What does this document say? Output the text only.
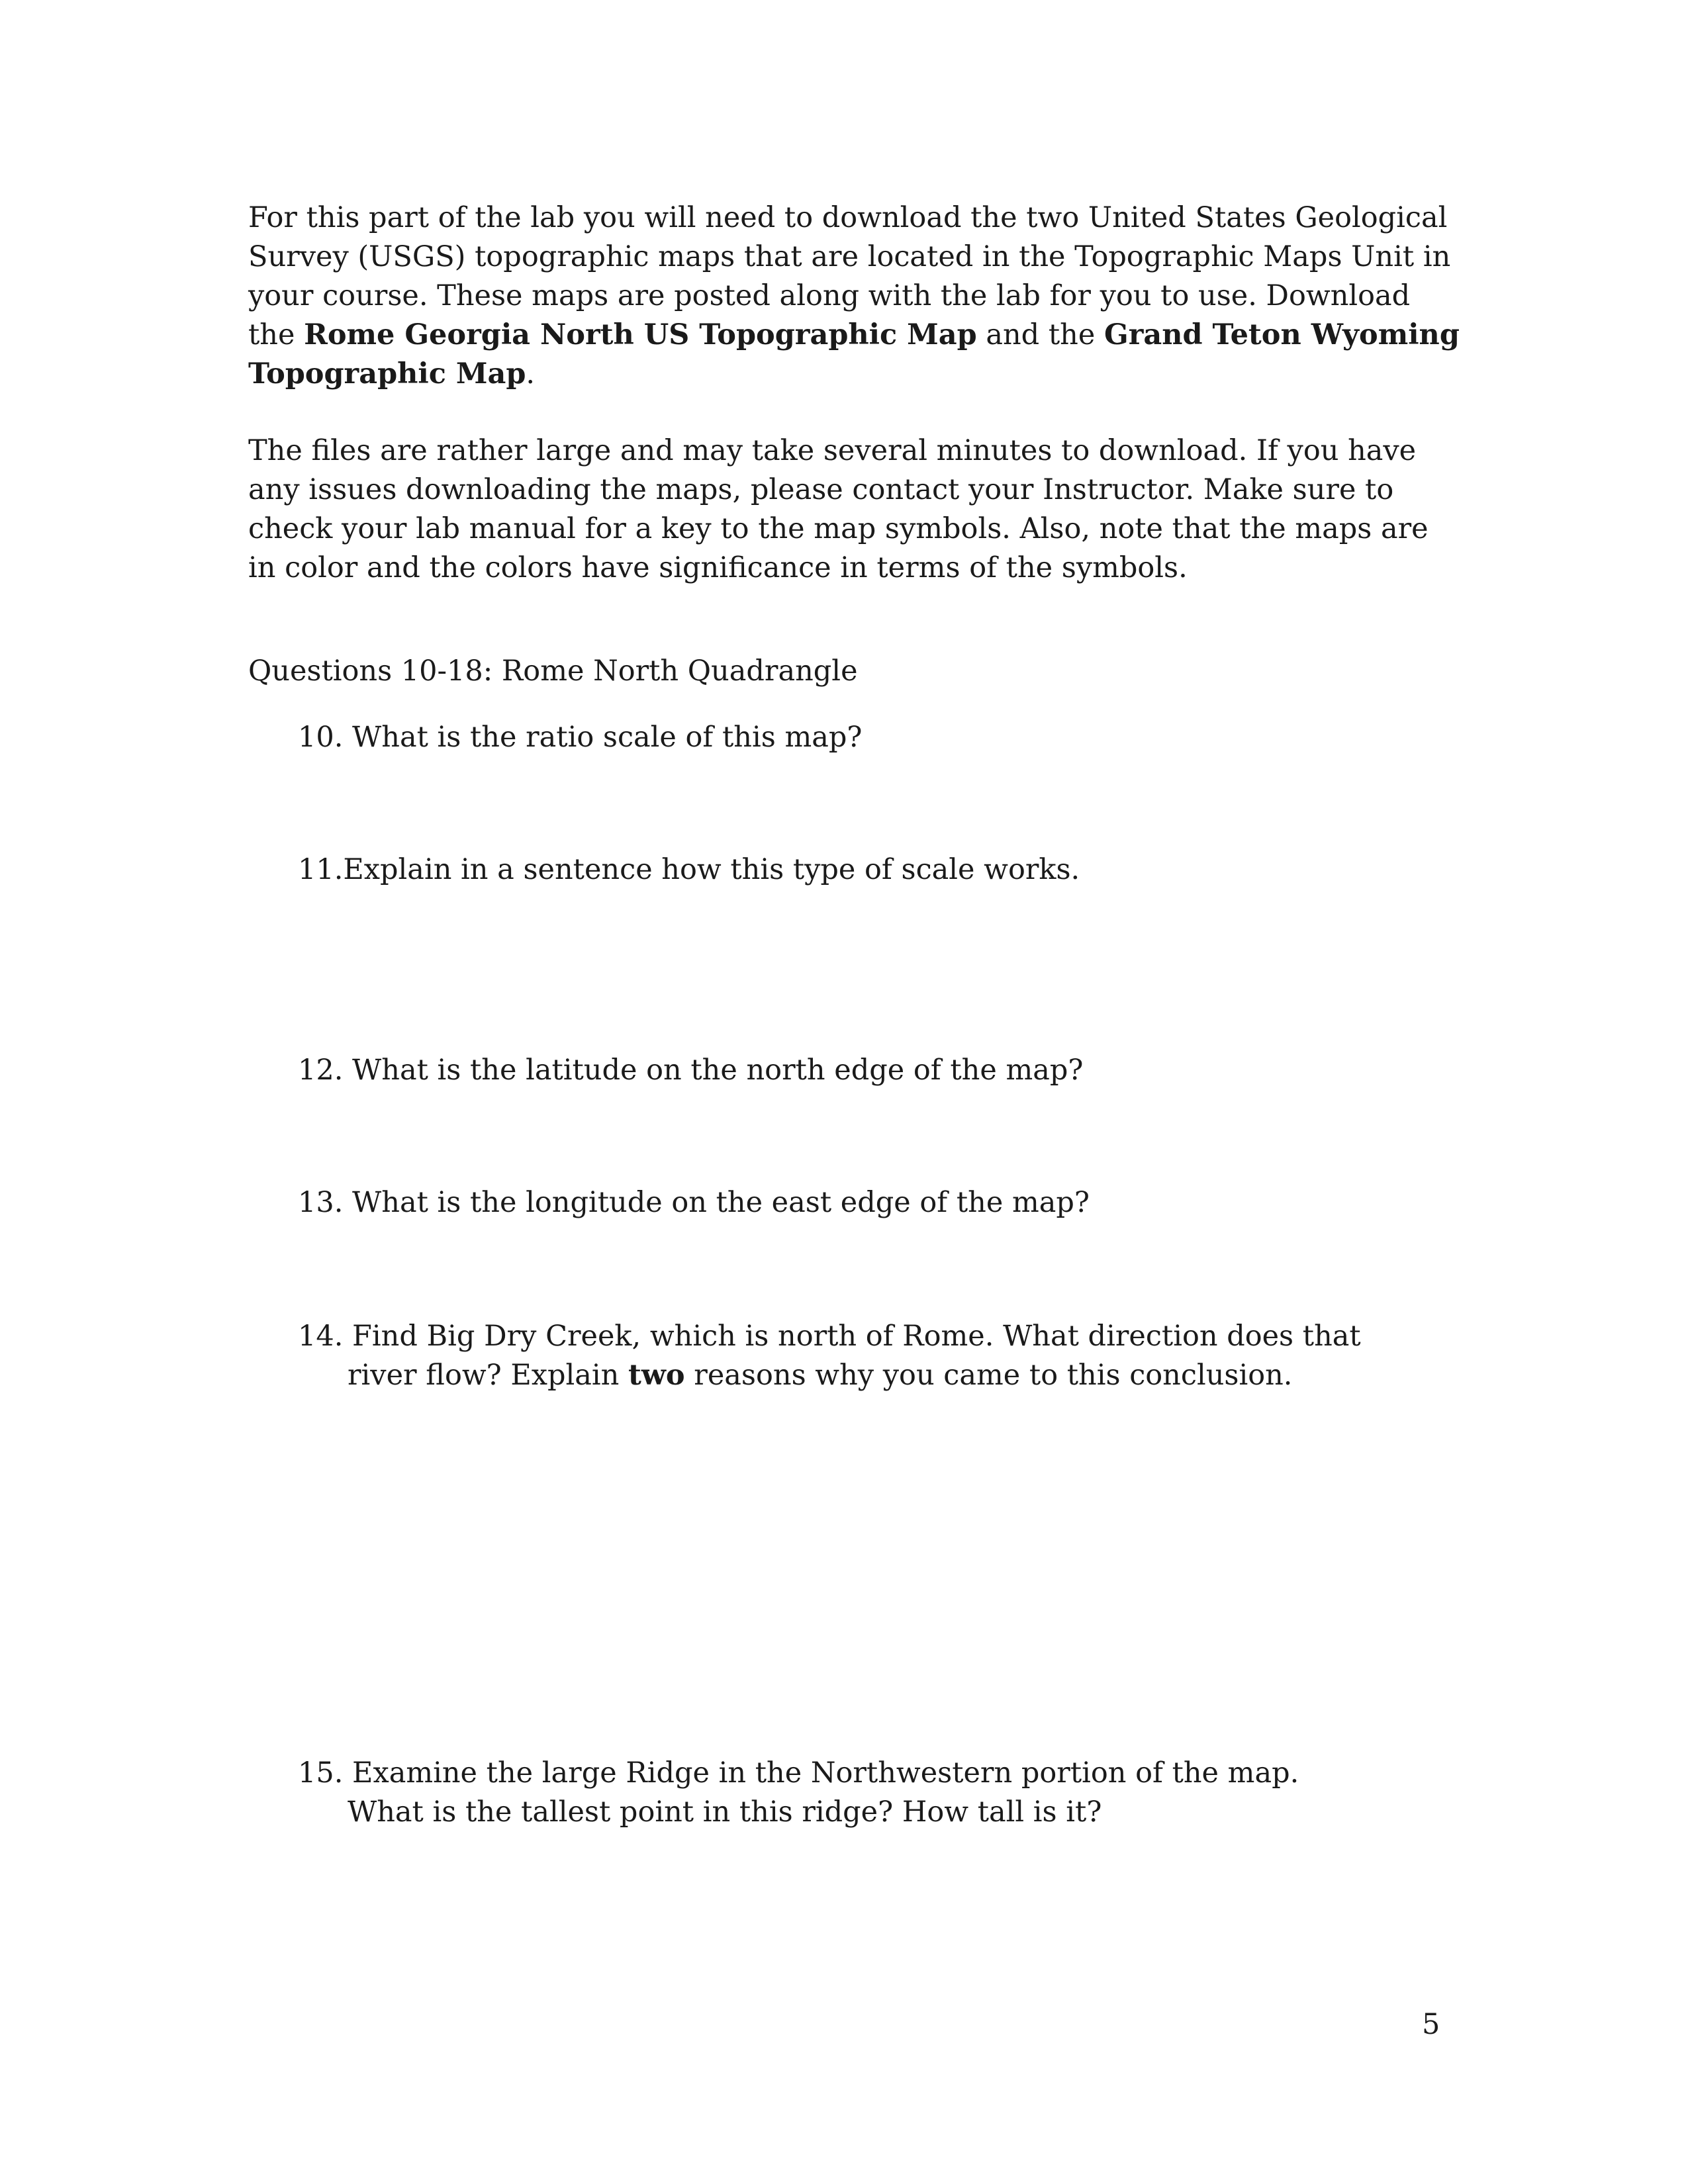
For this part of the lab you will need to download the two United States Geological Survey (USGS) topographic maps that are located in the Topographic Maps Unit in your course. These maps are posted along with the lab for you to use. Download the Rome Georgia North US Topographic Map and the Grand Teton Wyoming Topographic Map.

The files are rather large and may take several minutes to download. If you have any issues downloading the maps, please contact your Instructor. Make sure to check your lab manual for a key to the map symbols. Also, note that the maps are in color and the colors have significance in terms of the symbols.

Questions 10-18: Rome North Quadrangle

10. What is the ratio scale of this map?

11.Explain in a sentence how this type of scale works.

12. What is the latitude on the north edge of the map?

13. What is the longitude on the east edge of the map?

14. Find Big Dry Creek, which is north of Rome. What direction does that
river flow? Explain two reasons why you came to this conclusion.

15. Examine the large Ridge in the Northwestern portion of the map.
What is the tallest point in this ridge? How tall is it?

5
